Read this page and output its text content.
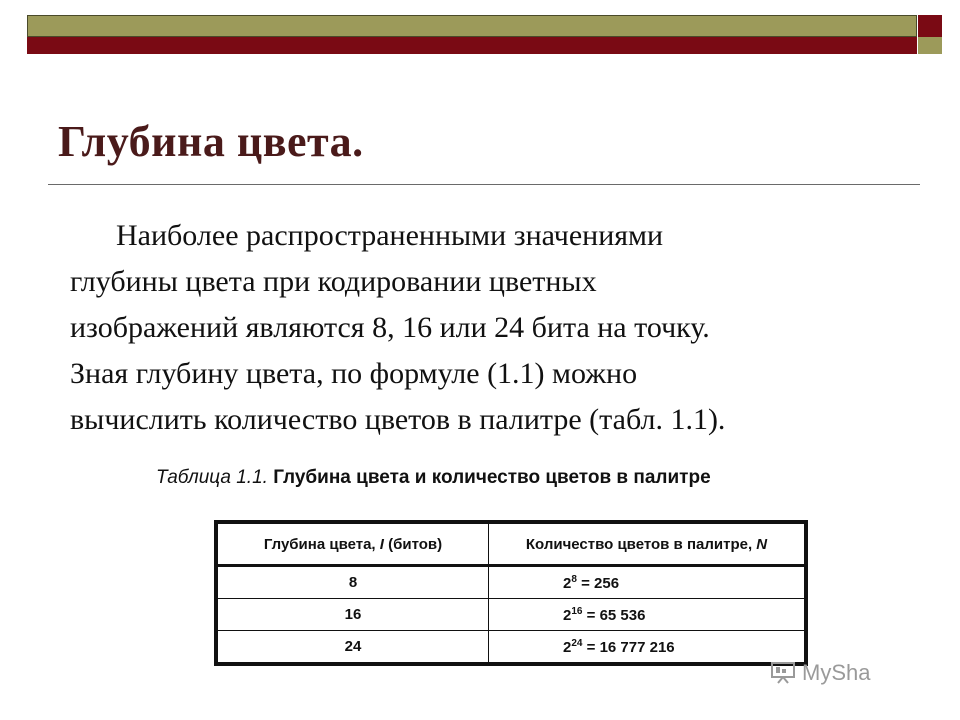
Глубина цвета.

Наиболее распространенными значениями
глубины цвета при кодировании цветных
изображений являются 8, 16 или 24 бита на точку.
Зная глубину цвета, по формуле (1.1) можно
вычислить количество цветов в палитре (табл. 1.1).

Таблица 1.1. Глубина цвета и количество цветов в палитре

Глубина цвета, I (битов)	Количество цветов в палитре, N
8	$2^8 = 256$
16	$2^{16} = 65$ 536
24	$2^{24} = 16$ 777 216
MySha
